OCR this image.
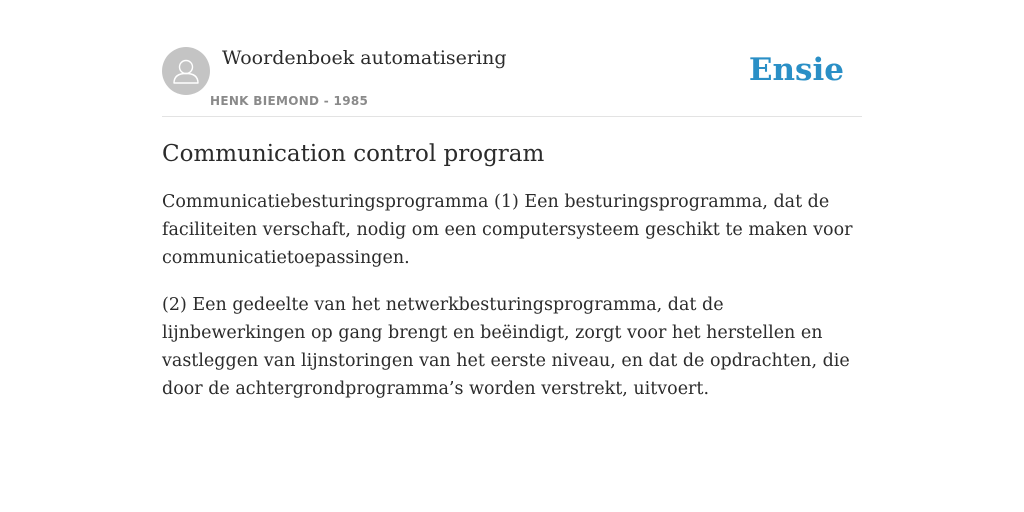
Woordenboek automatisering
HENK BIEMOND - 1985
Ensie
Communication control program

Communicatiebesturingsprogramma (1) Een besturingsprogramma, dat de faciliteiten verschaft, nodig om een computersysteem geschikt te maken voor communicatietoepassingen.

(2) Een gedeelte van het netwerkbesturingsprogramma, dat de lijnbewerkingen op gang brengt en beëindigt, zorgt voor het herstellen en vastleggen van lijnstoringen van het eerste niveau, en dat de opdrachten, die door de achtergrondprogramma’s worden verstrekt, uitvoert.
